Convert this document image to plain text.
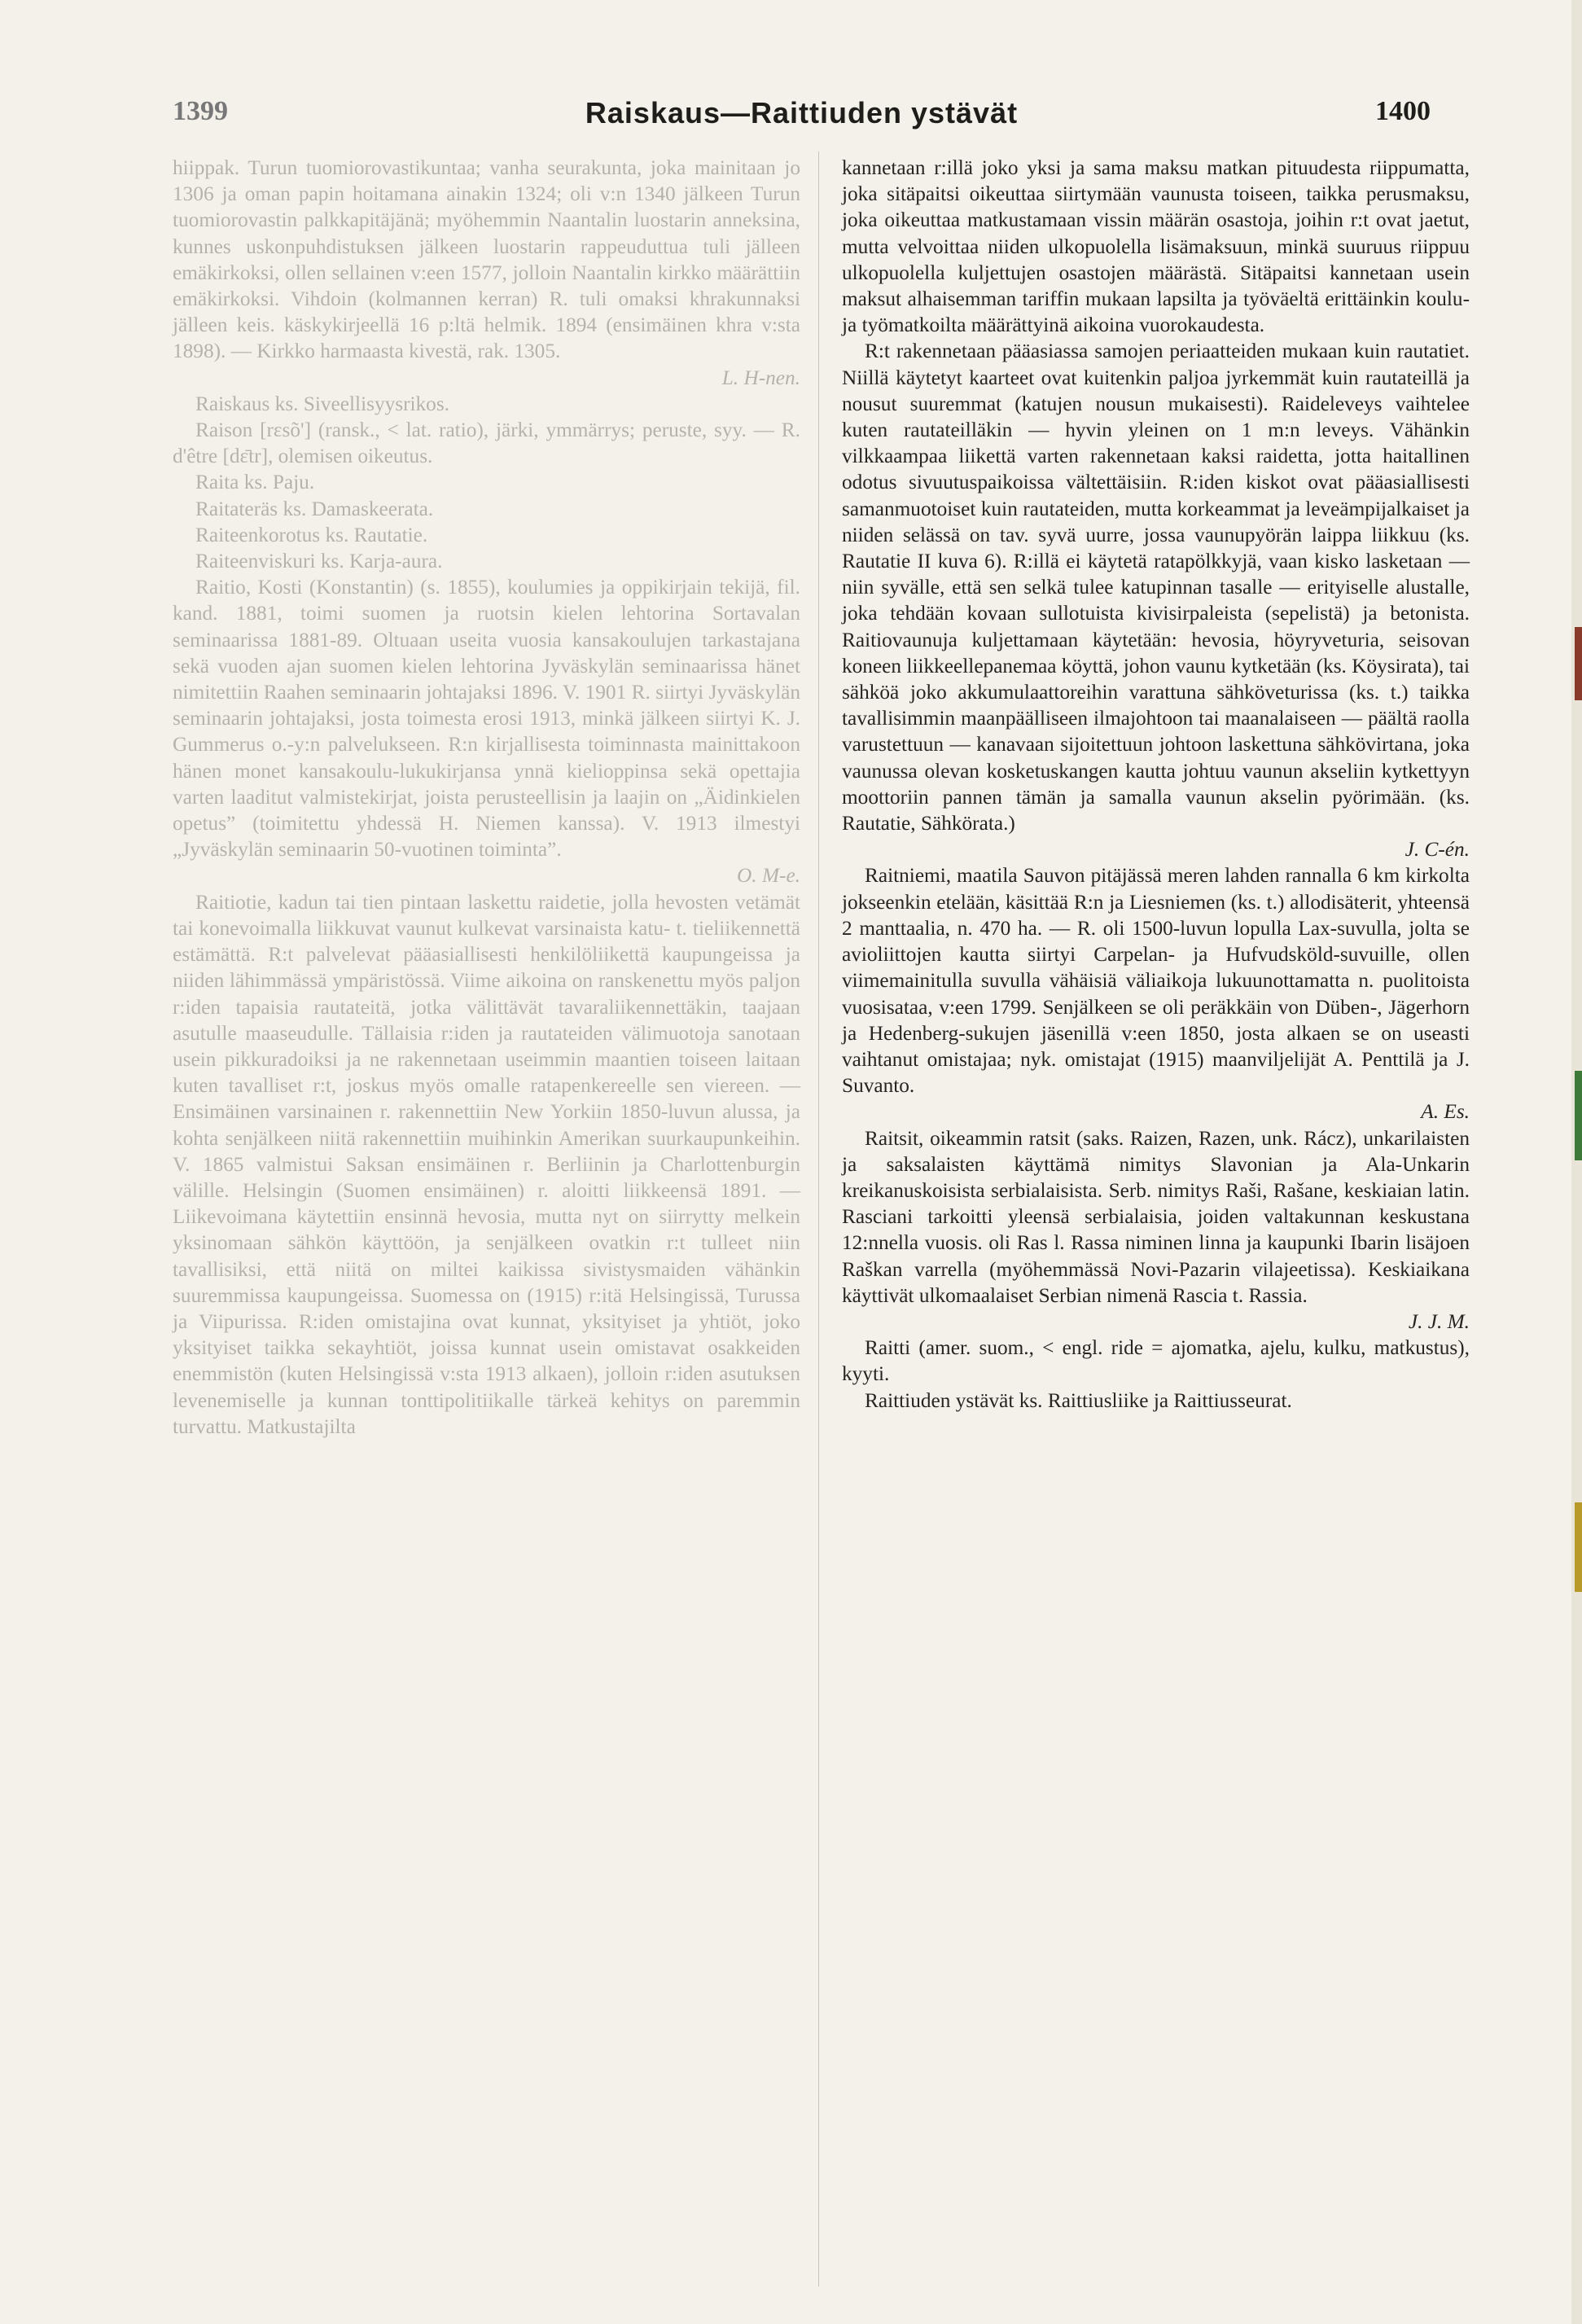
1399	Raiskaus—Raittiuden ystävät	1400

hiippak. Turun tuomiorovastikuntaa; vanha seurakunta, joka mainitaan jo 1306 ja oman papin hoitamana ainakin 1324; oli v:n 1340 jälkeen Turun tuomiorovastin palkkapitäjänä; myöhemmin Naantalin luostarin anneksina, kunnes uskonpuhdistuksen jälkeen luostarin rappeuduttua tuli jälleen emäkirkoksi, ollen sellainen v:een 1577, jolloin Naantalin kirkko määrättiin emäkirkoksi. Vihdoin (kolmannen kerran) R. tuli omaksi khrakunnaksi jälleen keis. käskykirjeellä 16 p:ltä helmik. 1894 (ensimäinen khra v:sta 1898). — Kirkko harmaasta kivestä, rak. 1305.

L. H-nen.

Raiskaus ks. Siveellisyysrikos.

Raison [rεsõ'] (ransk., < lat. ratio), järki, ymmärrys; peruste, syy. — R. d'être [dε̄tr], olemisen oikeutus.

Raita ks. Paju.

Raitateräs ks. Damaskeerata.

Raiteenkorotus ks. Rautatie.

Raiteenviskuri ks. Karja-aura.

Raitio, Kosti (Konstantin) (s. 1855), koulumies ja oppikirjain tekijä, fil. kand. 1881, toimi suomen ja ruotsin kielen lehtorina Sortavalan seminaarissa 1881-89. Oltuaan useita vuosia kansakoulujen tarkastajana sekä vuoden ajan suomen kielen lehtorina Jyväskylän seminaarissa hänet nimitettiin Raahen seminaarin johtajaksi 1896. V. 1901 R. siirtyi Jyväskylän seminaarin johtajaksi, josta toimesta erosi 1913, minkä jälkeen siirtyi K. J. Gummerus o.-y:n palvelukseen. R:n kirjallisesta toiminnasta mainittakoon hänen monet kansakoulu-lukukirjansa ynnä kielioppinsa sekä opettajia varten laaditut valmistekirjat, joista perusteellisin ja laajin on „Äidinkielen opetus” (toimitettu yhdessä H. Niemen kanssa). V. 1913 ilmestyi „Jyväskylän seminaarin 50-vuotinen toiminta”.

O. M-e.

Raitiotie, kadun tai tien pintaan laskettu raidetie, jolla hevosten vetämät tai konevoimalla liikkuvat vaunut kulkevat varsinaista katu- t. tieliikennettä estämättä. R:t palvelevat pääasiallisesti henkilöliikettä kaupungeissa ja niiden lähimmässä ympäristössä. Viime aikoina on ranskenettu myös paljon r:iden tapaisia rautateitä, jotka välittävät tavaraliikennettäkin, taajaan asutulle maaseudulle. Tällaisia r:iden ja rautateiden välimuotoja sanotaan usein pikkuradoiksi ja ne rakennetaan useimmin maantien toiseen laitaan kuten tavalliset r:t, joskus myös omalle ratapenkereelle sen viereen. — Ensimäinen varsinainen r. rakennettiin New Yorkiin 1850-luvun alussa, ja kohta senjälkeen niitä rakennettiin muihinkin Amerikan suurkaupunkeihin. V. 1865 valmistui Saksan ensimäinen r. Berliinin ja Charlottenburgin välille. Helsingin (Suomen ensimäinen) r. aloitti liikkeensä 1891. — Liikevoimana käytettiin ensinnä hevosia, mutta nyt on siirrytty melkein yksinomaan sähkön käyttöön, ja senjälkeen ovatkin r:t tulleet niin tavallisiksi, että niitä on miltei kaikissa sivistysmaiden vähänkin suuremmissa kaupungeissa. Suomessa on (1915) r:itä Helsingissä, Turussa ja Viipurissa. R:iden omistajina ovat kunnat, yksityiset ja yhtiöt, joko yksityiset taikka sekayhtiöt, joissa kunnat usein omistavat osakkeiden enemmistön (kuten Helsingissä v:sta 1913 alkaen), jolloin r:iden asutuksen levenemiselle ja kunnan tonttipolitiikalle tärkeä kehitys on paremmin turvattu. Matkustajilta

kannetaan r:illä joko yksi ja sama maksu matkan pituudesta riippumatta, joka sitäpaitsi oikeuttaa siirtymään vaunusta toiseen, taikka perusmaksu, joka oikeuttaa matkustamaan vissin määrän osastoja, joihin r:t ovat jaetut, mutta velvoittaa niiden ulkopuolella lisämaksuun, minkä suuruus riippuu ulkopuolella kuljettujen osastojen määrästä. Sitäpaitsi kannetaan usein maksut alhaisemman tariffin mukaan lapsilta ja työväeltä erittäinkin koulu- ja työmatkoilta määrättyinä aikoina vuorokaudesta.

R:t rakennetaan pääasiassa samojen periaatteiden mukaan kuin rautatiet. Niillä käytetyt kaarteet ovat kuitenkin paljoa jyrkemmät kuin rautateillä ja nousut suuremmat (katujen nousun mukaisesti). Raideleveys vaihtelee kuten rautateilläkin — hyvin yleinen on 1 m:n leveys. Vähänkin vilkkaampaa liikettä varten rakennetaan kaksi raidetta, jotta haitallinen odotus sivuutuspaikoissa vältettäisiin. R:iden kiskot ovat pääasiallisesti samanmuotoiset kuin rautateiden, mutta korkeammat ja leveämpijalkaiset ja niiden selässä on tav. syvä uurre, jossa vaunupyörän laippa liikkuu (ks. Rautatie II kuva 6). R:illä ei käytetä ratapölkkyjä, vaan kisko lasketaan — niin syvälle, että sen selkä tulee katupinnan tasalle — erityiselle alustalle, joka tehdään kovaan sullotuista kivisirpaleista (sepelistä) ja betonista. Raitiovaunuja kuljettamaan käytetään: hevosia, höyryveturia, seisovan koneen liikkeellepanemaa köyttä, johon vaunu kytketään (ks. Köysirata), tai sähköä joko akkumulaattoreihin varattuna sähköveturissa (ks. t.) taikka tavallisimmin maanpäälliseen ilmajohtoon tai maanalaiseen — päältä raolla varustettuun — kanavaan sijoitettuun johtoon laskettuna sähkövirtana, joka vaunussa olevan kosketuskangen kautta johtuu vaunun akseliin kytkettyyn moottoriin pannen tämän ja samalla vaunun akselin pyörimään. (ks. Rautatie, Sähkörata.)

J. C-én.

Raitniemi, maatila Sauvon pitäjässä meren lahden rannalla 6 km kirkolta jokseenkin etelään, käsittää R:n ja Liesniemen (ks. t.) allodisäterit, yhteensä 2 manttaalia, n. 470 ha. — R. oli 1500-luvun lopulla Lax-suvulla, jolta se avioliittojen kautta siirtyi Carpelan- ja Hufvudsköld-suvuille, ollen viimemainitulla suvulla vähäisiä väliaikoja lukuunottamatta n. puolitoista vuosisataa, v:een 1799. Senjälkeen se oli peräkkäin von Düben-, Jägerhorn ja Hedenberg-sukujen jäsenillä v:een 1850, josta alkaen se on useasti vaihtanut omistajaa; nyk. omistajat (1915) maanviljelijät A. Penttilä ja J. Suvanto.

A. Es.

Raitsit, oikeammin ratsit (saks. Raizen, Razen, unk. Rácz), unkarilaisten ja saksalaisten käyttämä nimitys Slavonian ja Ala-Unkarin kreikanuskoisista serbialaisista. Serb. nimitys Raši, Rašane, keskiaian latin. Rasciani tarkoitti yleensä serbialaisia, joiden valtakunnan keskustana 12:nnella vuosis. oli Ras l. Rassa niminen linna ja kaupunki Ibarin lisäjoen Raškan varrella (myöhemmässä Novi-Pazarin vilajeetissa). Keskiaikana käyttivät ulkomaalaiset Serbian nimenä Rascia t. Rassia.

J. J. M.

Raitti (amer. suom., < engl. ride = ajomatka, ajelu, kulku, matkustus), kyyti.

Raittiuden ystävät ks. Raittiusliike ja Raittiusseurat.
